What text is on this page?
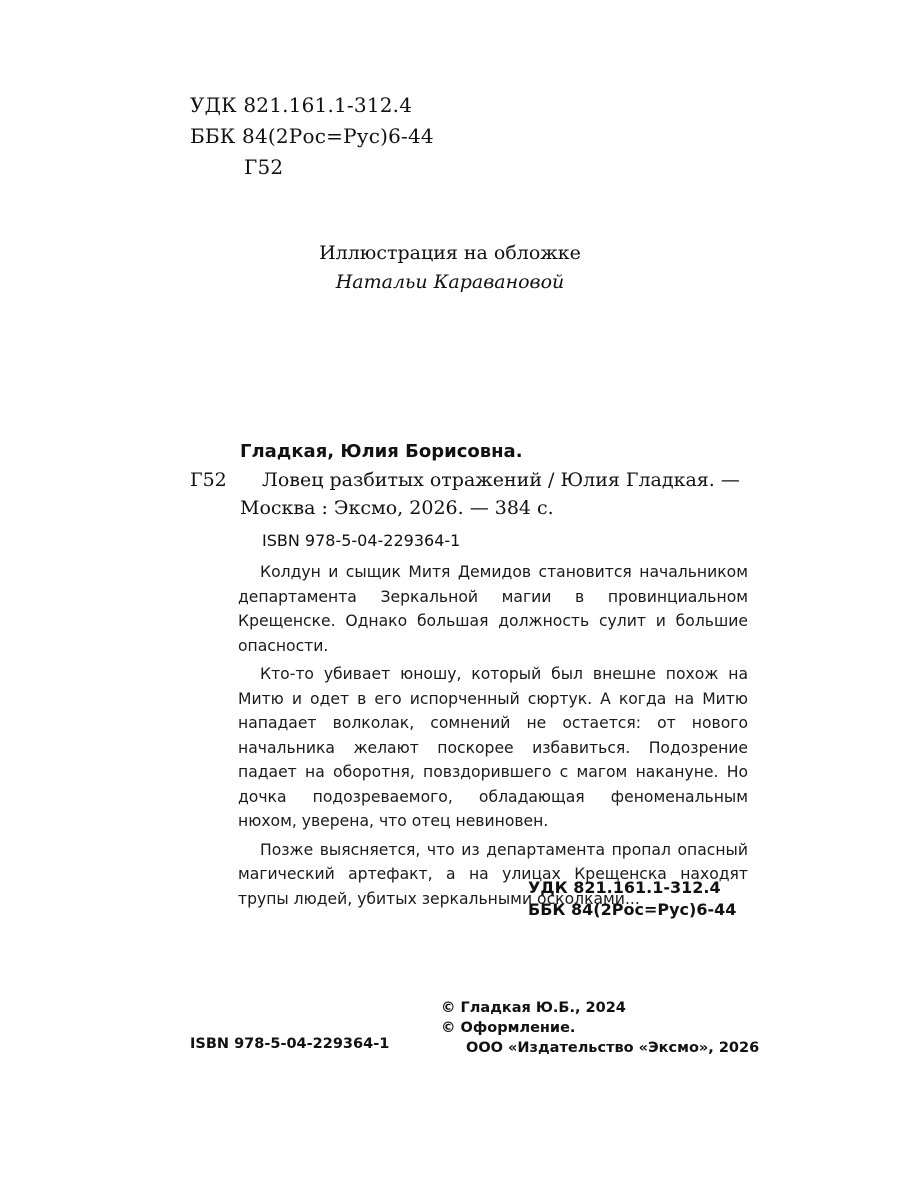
УДК 821.161.1-312.4
ББК 84(2Рос=Рус)6-44
Г52
Иллюстрация на обложке
Натальи Карав​ановой
Гладкая, Юлия Борисовна.
Г52 Ловец разбитых отражений / Юлия Гладкая. —
Москва : Эксмо, 2026. — 384 с.
ISBN 978-5-04-229364-1

Колдун и сыщик Митя Демидов становится начальником департамента Зеркальной магии в провинциальном Крещенске. Однако большая должность сулит и большие опасности.

Кто-то убивает юношу, который был внешне похож на Митю и одет в его испорченный сюртук. А когда на Митю нападает волколак, сомнений не остается: от нового начальника желают поскорее избавиться. Подозрение падает на оборотня, повздорившего с магом накануне. Но дочка подозреваемого, обладающая феноменальным нюхом, уверена, что отец невиновен.

Позже выясняется, что из департамента пропал опасный магический артефакт, а на улицах Крещенска находят трупы людей, убитых зеркальными осколками...

УДК 821.161.1-312.4
ББК 84(2Рос=Рус)6-44
© Гладкая Ю.Б., 2024
© Оформление.
ООО «Издательство «Эксмо», 2026
ISBN 978-5-04-229364-1
